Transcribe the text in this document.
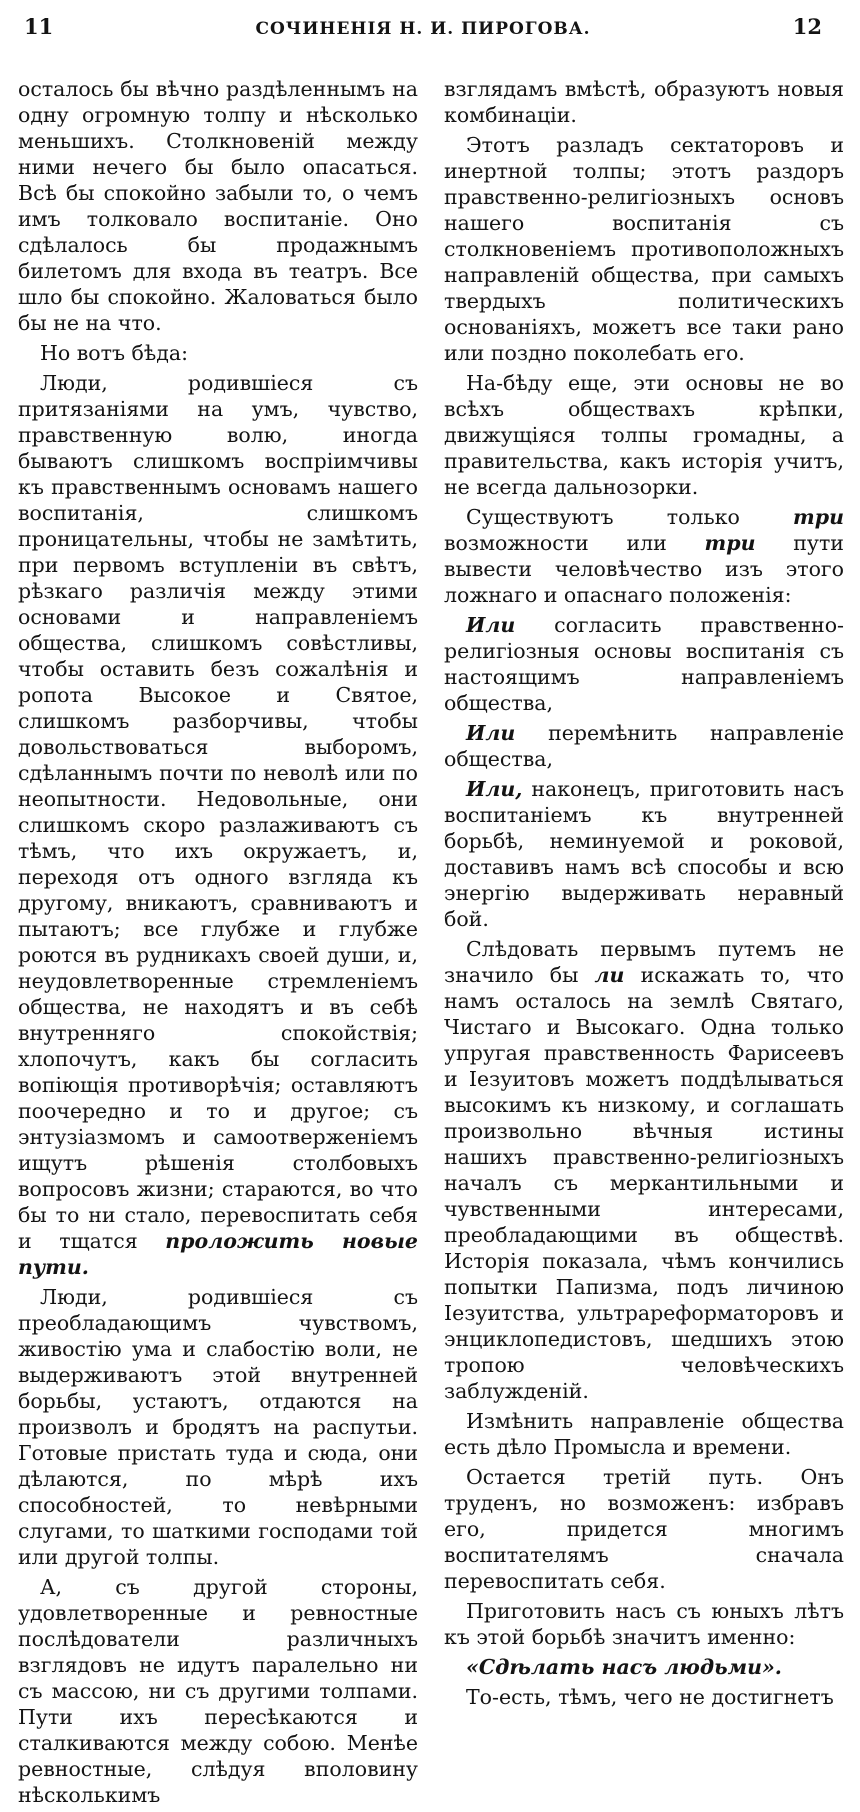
11	СОЧИНЕНІЯ Н. И. ПИРОГОВА.	12

осталось бы вѣчно раздѣленнымъ на одну огромную толпу и нѣсколько меньшихъ. Столкновеній между ними нечего бы было опасаться. Всѣ бы спокойно забыли то, о чемъ имъ толковало воспитаніе. Оно сдѣлалось бы продажнымъ билетомъ для входа въ театръ. Все шло бы спокойно. Жаловаться было бы не на что.

Но вотъ бѣда:

Люди, родившіеся съ притязаніями на умъ, чувство, правственную волю, иногда бываютъ слишкомъ воспріимчивы къ правственнымъ основамъ нашего воспитанія, слишкомъ проницательны, чтобы не замѣтить, при первомъ вступленіи въ свѣтъ, рѣзкаго различія между этими основами и направленіемъ общества, слишкомъ совѣстливы, чтобы оставить безъ сожалѣнія и ропота Высокое и Святое, слишкомъ разборчивы, чтобы довольствоваться выборомъ, сдѣланнымъ почти по неволѣ или по неопытности. Недовольные, они слишкомъ скоро разлаживаютъ съ тѣмъ, что ихъ окружаетъ, и, переходя отъ одного взгляда къ другому, вникаютъ, сравниваютъ и пытаютъ; все глубже и глубже роются въ рудникахъ своей души, и, неудовлетворенные стремленіемъ общества, не находятъ и въ себѣ внутренняго спокойствія; хлопочутъ, какъ бы согласить вопіющія противорѣчія; оставляютъ поочередно и то и другое; съ энтузіазмомъ и самоотверженіемъ ищутъ рѣшенія столбовыхъ вопросовъ жизни; стараются, во что бы то ни стало, перевоспитать себя и тщатся проложить новые пути.

Люди, родившіеся съ преобладающимъ чувствомъ, живостію ума и слабостію воли, не выдерживаютъ этой внутренней борьбы, устаютъ, отдаются на произволъ и бродятъ на распутьи. Готовые пристать туда и сюда, они дѣлаются, по мѣрѣ ихъ способностей, то невѣрными слугами, то шаткими господами той или другой толпы.

А, съ другой стороны, удовлетворенные и ревностные послѣдователи различныхъ взглядовъ не идутъ паралельно ни съ массою, ни съ другими толпами. Пути ихъ пересѣкаются и сталкиваются между собою. Менѣе ревностные, слѣдуя вполовину нѣсколькимъ

взглядамъ вмѣстѣ, образуютъ новыя комбинаціи.

Этотъ разладъ сектаторовъ и инертной толпы; этотъ раздоръ правственно-религіозныхъ основъ нашего воспитанія съ столкновеніемъ противоположныхъ направленій общества, при самыхъ твердыхъ политическихъ основаніяхъ, можетъ все таки рано или поздно поколебать его.

На-бѣду еще, эти основы не во всѣхъ обществахъ крѣпки, движущіяся толпы громадны, а правительства, какъ исторія учитъ, не всегда дальнозорки.

Существуютъ только	три возможности или три пути вывести человѣчество изъ этого ложнаго и опаснаго положенія:

Или согласить правственно-религіозныя основы воспитанія съ настоящимъ направленіемъ общества,

Или перемѣнить направленіе общества,

Или, наконецъ, приготовить насъ воспитаніемъ къ внутренней борьбѣ, неминуемой и роковой, доставивъ намъ всѣ способы и всю энергію выдерживать неравный бой.

Слѣдовать первымъ путемъ не значило бы ли искажать то, что намъ осталось на землѣ Святаго, Чистаго и Высокаго. Одна только упругая правственность Фарисеевъ и Іезуитовъ можетъ поддѣлываться высокимъ къ низкому, и соглашать произвольно вѣчныя истины нашихъ правственно-религіозныхъ началъ съ меркантильными и чувственными интересами, преобладающими въ обществѣ. Исторія показала, чѣмъ кончились попытки Папизма, подъ личиною Іезуитства, ультрареформаторовъ и энциклопедистовъ, шедшихъ этою тропою человѣческихъ заблужденій.

Измѣнить направленіе общества есть дѣло Промысла и времени.

Остается третій путь. Онъ труденъ, но возможенъ: избравъ его, придется многимъ воспитателямъ сначала перевоспитать себя.

Приготовить насъ съ юныхъ лѣтъ къ этой борьбѣ значитъ именно:

«Сдѣлать насъ людьми».

То-есть, тѣмъ, чего не достигнетъ
